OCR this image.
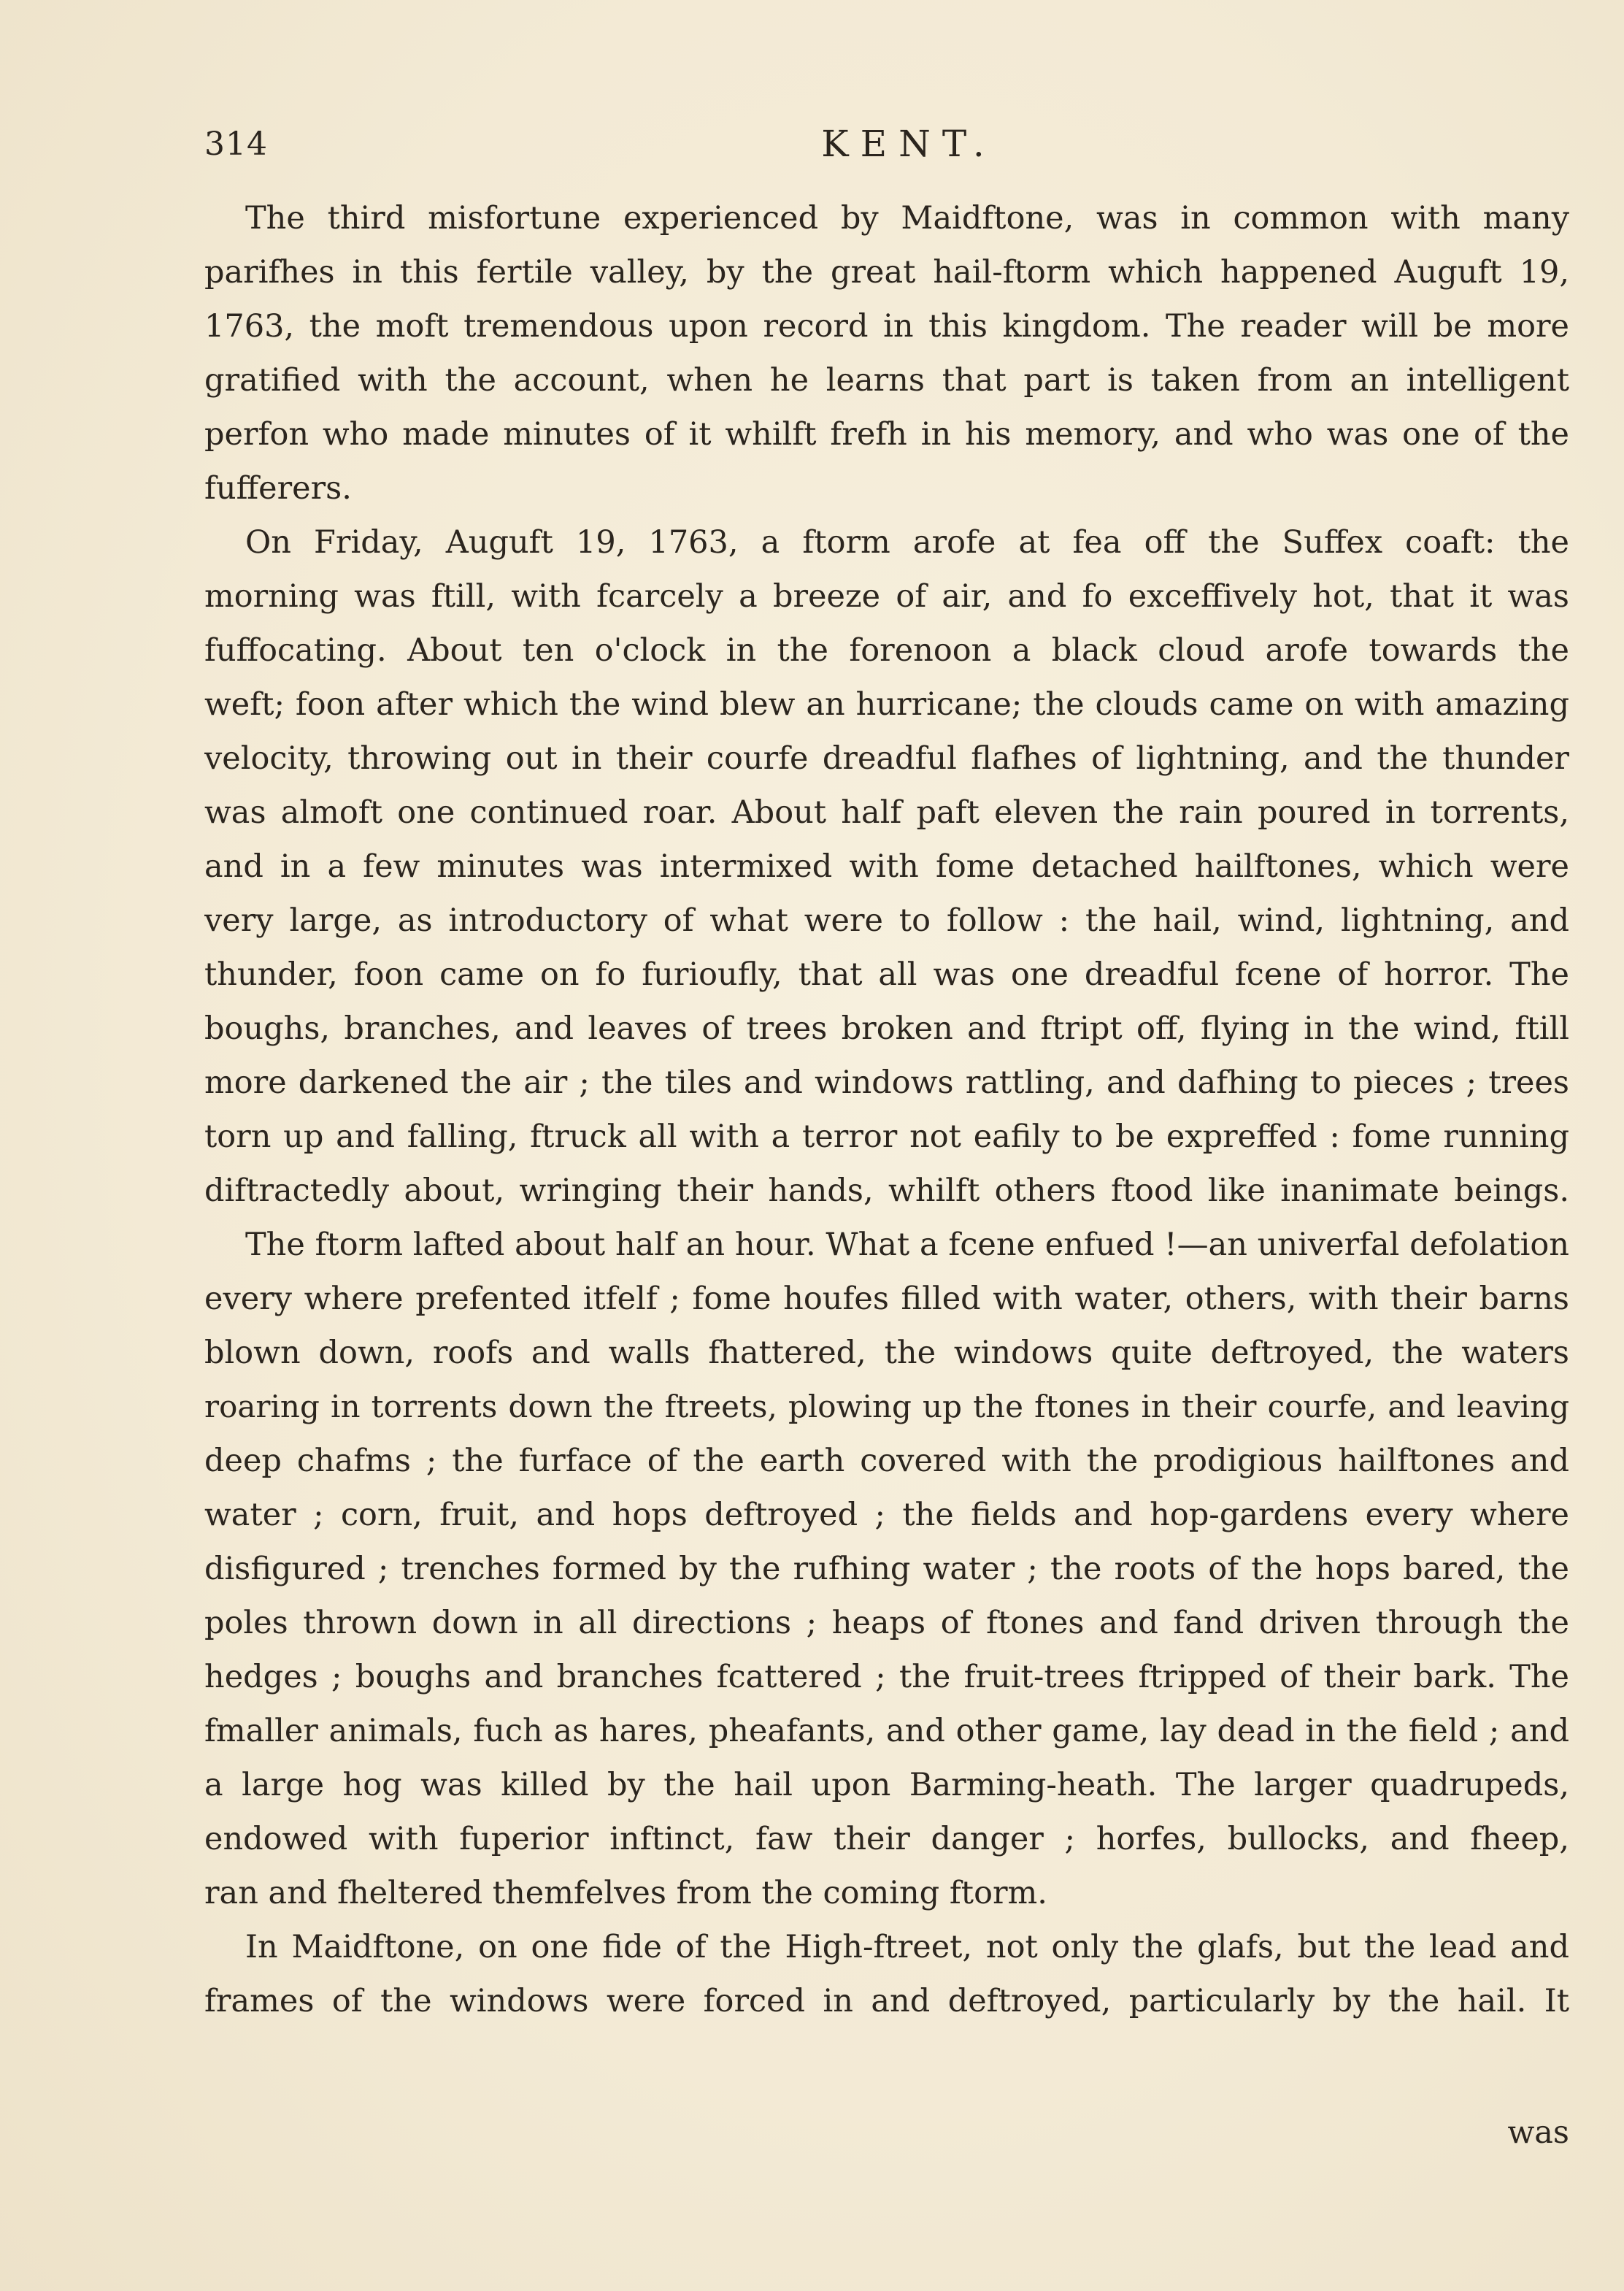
314	KENT.
The third misfortune experienced by Maidftone, was in common with many
parifhes in this fertile valley, by the great hail-ftorm which happened Auguft 19,
1763, the moft tremendous upon record in this kingdom. The reader will be more
gratified with the account, when he learns that part is taken from an intelligent
perfon who made minutes of it whilft frefh in his memory, and who was one of the
fufferers.
On Friday, Auguft 19, 1763, a ftorm arofe at fea off the Suffex coaft: the
morning was ftill, with fcarcely a breeze of air, and fo exceffively hot, that it was
fuffocating. About ten o'clock in the forenoon a black cloud arofe towards the
weft; foon after which the wind blew an hurricane; the clouds came on with amazing
velocity, throwing out in their courfe dreadful flafhes of lightning, and the thunder
was almoft one continued roar. About half paft eleven the rain poured in torrents,
and in a few minutes was intermixed with fome detached hailftones, which were
very large, as introductory of what were to follow : the hail, wind, lightning, and
thunder, foon came on fo furioufly, that all was one dreadful fcene of horror. The
boughs, branches, and leaves of trees broken and ftript off, flying in the wind, ftill
more darkened the air ; the tiles and windows rattling, and dafhing to pieces ; trees
torn up and falling, ftruck all with a terror not eafily to be expreffed : fome running
diftractedly about, wringing their hands, whilft others ftood like inanimate beings.
The ftorm lafted about half an hour. What a fcene enfued !—an univerfal defolation
every where prefented itfelf ; fome houfes filled with water, others, with their barns
blown down, roofs and walls fhattered, the windows quite deftroyed, the waters
roaring in torrents down the ftreets, plowing up the ftones in their courfe, and leaving
deep chafms ; the furface of the earth covered with the prodigious hailftones and
water ; corn, fruit, and hops deftroyed ; the fields and hop-gardens every where
disfigured ; trenches formed by the rufhing water ; the roots of the hops bared, the
poles thrown down in all directions ; heaps of ftones and fand driven through the
hedges ; boughs and branches fcattered ; the fruit-trees ftripped of their bark. The
fmaller animals, fuch as hares, pheafants, and other game, lay dead in the field ; and
a large hog was killed by the hail upon Barming-heath. The larger quadrupeds,
endowed with fuperior inftinct, faw their danger ; horfes, bullocks, and fheep,
ran and fheltered themfelves from the coming ftorm.
In Maidftone, on one fide of the High-ftreet, not only the glafs, but the lead and
frames of the windows were forced in and deftroyed, particularly by the hail. It
was
